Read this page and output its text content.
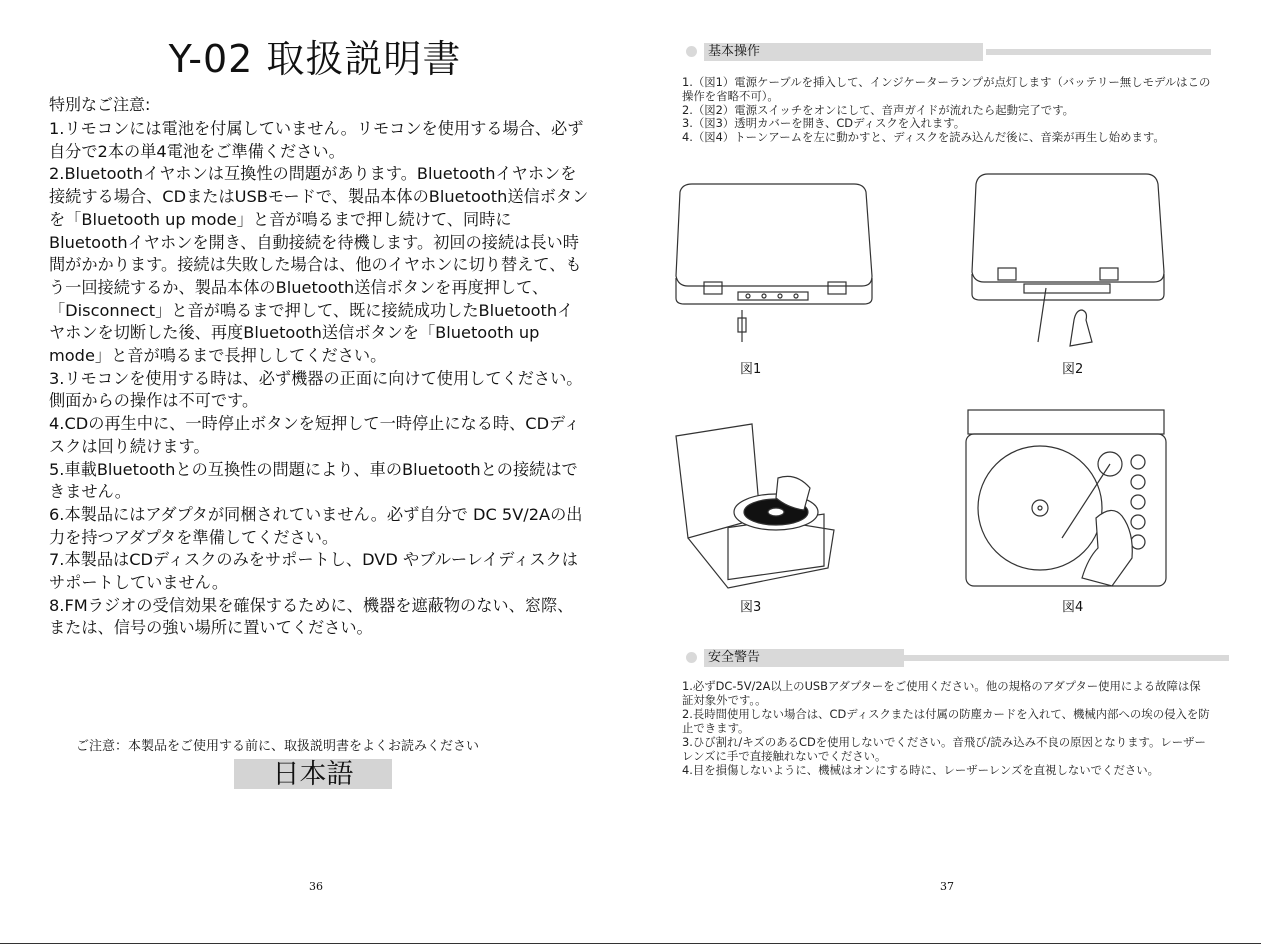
Y-02 取扱説明書
特別なご注意:

1.リモコンには電池を付属していません。リモコンを使用する場合、必ず自分で2本の単4電池をご準備ください。

2.Bluetoothイヤホンは互換性の問題があります。Bluetoothイヤホンを接続する場合、CDまたはUSBモードで、製品本体のBluetooth送信ボタンを「Bluetooth up mode」と音が鳴るまで押し続けて、同時にBluetoothイヤホンを開き、自動接続を待機します。初回の接続は長い時間がかかります。接続は失敗した場合は、他のイヤホンに切り替えて、もう一回接続するか、製品本体のBluetooth送信ボタンを再度押して、「Disconnect」と音が鳴るまで押して、既に接続成功したBluetoothイヤホンを切断した後、再度Bluetooth送信ボタンを「Bluetooth up mode」と音が鳴るまで長押ししてください。

3.リモコンを使用する時は、必ず機器の正面に向けて使用してください。側面からの操作は不可です。

4.CDの再生中に、一時停止ボタンを短押して一時停止になる時、CDディスクは回り続けます。

5.車載Bluetoothとの互換性の問題により、車のBluetoothとの接続はできません。

6.本製品にはアダプタが同梱されていません。必ず自分で DC 5V/2Aの出力を持つアダプタを準備してください。

7.本製品はCDディスクのみをサポートし、DVD やブルーレイディスクはサポートしていません。

8.FMラジオの受信効果を確保するために、機器を遮蔽物のない、窓際、または、信号の強い場所に置いてください。

ご注意：本製品をご使用する前に、取扱説明書をよくお読みください
日本語
36
基本操作

1.（図1）電源ケーブルを挿入して、インジケーターランプが点灯します（バッテリー無しモデルはこの操作を省略不可）。

2.（図2）電源スイッチをオンにして、音声ガイドが流れたら起動完了です。

3.（図3）透明カバーを開き、CDディスクを入れます。

4.（図4）トーンアームを左に動かすと、ディスクを読み込んだ後に、音楽が再生し始めます。

図1	図2
図3	図4
安全警告

1.必ずDC-5V/2A以上のUSBアダプターをご使用ください。他の規格のアダプター使用による故障は保証対象外です。。

2.長時間使用しない場合は、CDディスクまたは付属の防塵カードを入れて、機械内部への埃の侵入を防止できます。

3.ひび割れ/キズのあるCDを使用しないでください。音飛び/読み込み不良の原因となります。レーザーレンズに手で直接触れないでください。

4.目を損傷しないように、機械はオンにする時に、レーザーレンズを直視しないでください。

37
